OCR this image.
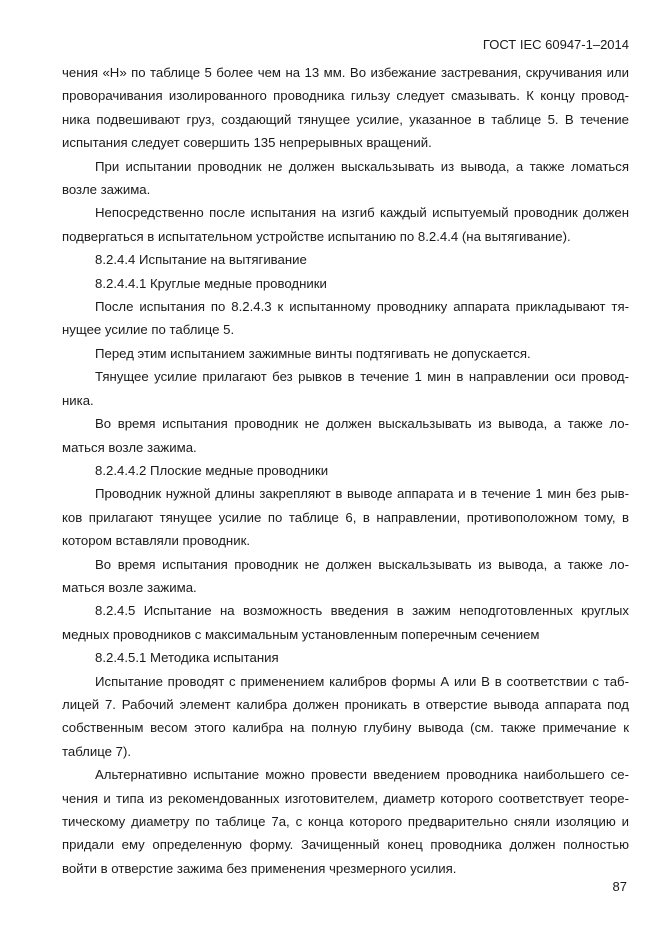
ГОСТ IEC 60947-1–2014

чения «H» по таблице 5 более чем на 13 мм. Во избежание застревания, скручивания или проворачивания изолированного проводника гильзу следует смазывать. К концу проводника подвешивают груз, создающий тянущее усилие, указанное в таблице 5. В течение испытания следует совершить 135 непрерывных вращений.

При испытании проводник не должен выскальзывать из вывода, а также ломаться возле зажима.

Непосредственно после испытания на изгиб каждый испытуемый проводник должен подвергаться в испытательном устройстве испытанию по 8.2.4.4 (на вытягивание).

8.2.4.4 Испытание на вытягивание

8.2.4.4.1 Круглые медные проводники

После испытания по 8.2.4.3 к испытанному проводнику аппарата прикладывают тянущее усилие по таблице 5.

Перед этим испытанием зажимные винты подтягивать не допускается.

Тянущее усилие прилагают без рывков в течение 1 мин в направлении оси проводника.

Во время испытания проводник не должен выскальзывать из вывода, а также ломаться возле зажима.

8.2.4.4.2 Плоские медные проводники

Проводник нужной длины закрепляют в выводе аппарата и в течение 1 мин без рывков прилагают тянущее усилие по таблице 6, в направлении, противоположном тому, в котором вставляли проводник.

Во время испытания проводник не должен выскальзывать из вывода, а также ломаться возле зажима.

8.2.4.5 Испытание на возможность введения в зажим неподготовленных круглых медных проводников с максимальным установленным поперечным сечением

8.2.4.5.1 Методика испытания

Испытание проводят с применением калибров формы А или В в соответствии с таблицей 7. Рабочий элемент калибра должен проникать в отверстие вывода аппарата под собственным весом этого калибра на полную глубину вывода (см. также примечание к таблице 7).

Альтернативно испытание можно провести введением проводника наибольшего сечения и типа из рекомендованных изготовителем, диаметр которого соответствует теоретическому диаметру по таблице 7а, с конца которого предварительно сняли изоляцию и придали ему определенную форму. Зачищенный конец проводника должен полностью войти в отверстие зажима без применения чрезмерного усилия.

87
